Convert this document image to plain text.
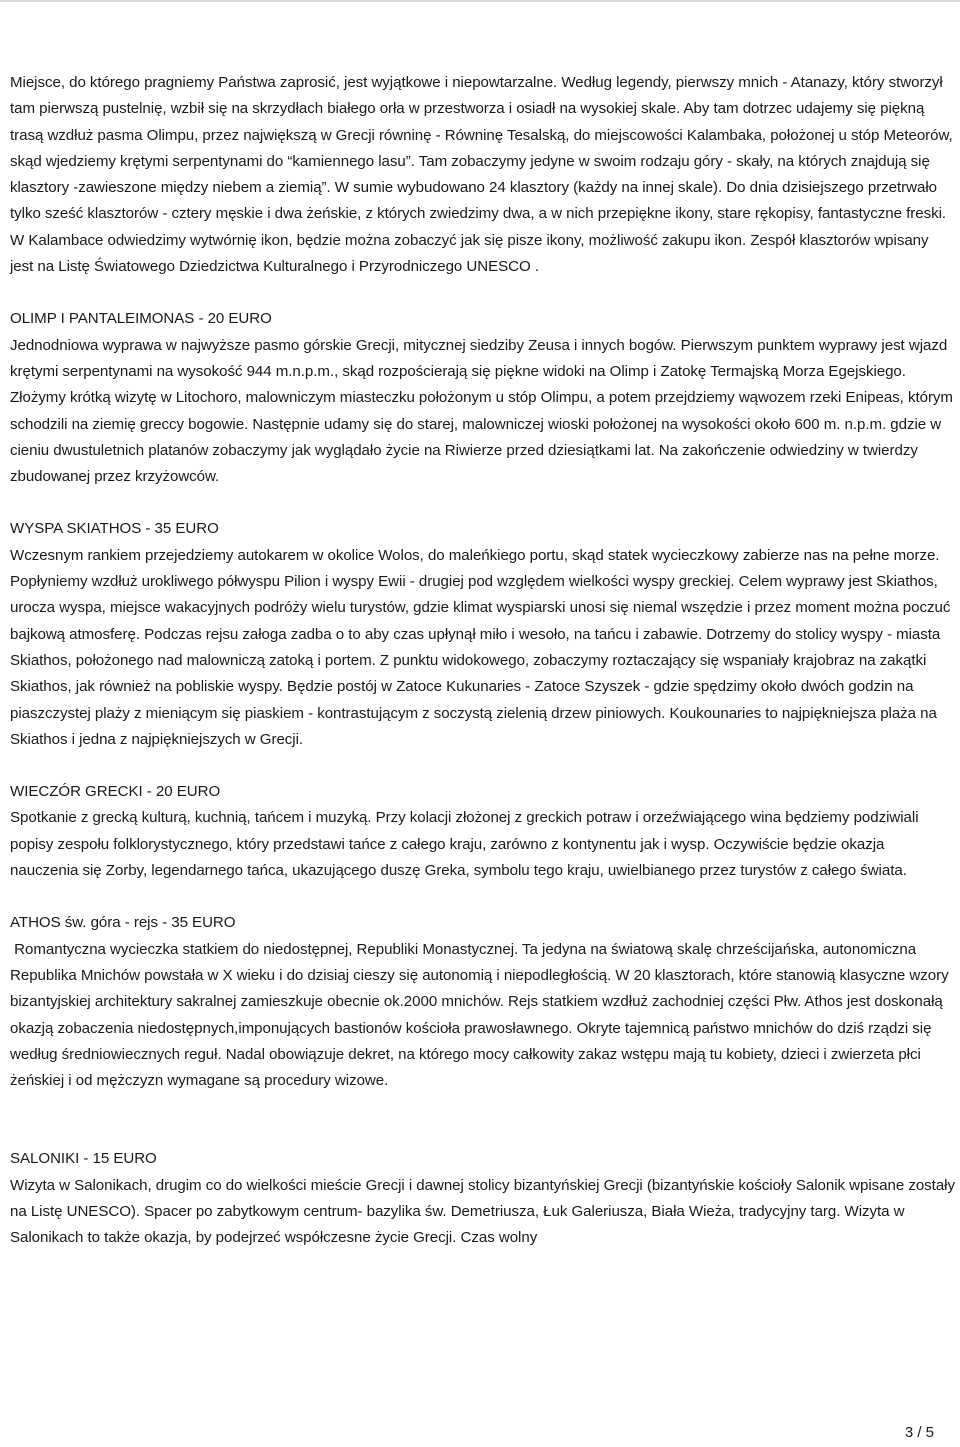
Miejsce, do którego pragniemy Państwa zaprosić, jest wyjątkowe i niepowtarzalne. Według legendy, pierwszy mnich - Atanazy, który stworzył tam pierwszą pustelnię, wzbił się na skrzydłach białego orła w przestworza i osiadł na wysokiej skale. Aby tam dotrzec udajemy się piękną trasą wzdłuż pasma Olimpu, przez największą w Grecji równinę - Równinę Tesalską, do miejscowości Kalambaka, położonej u stóp Meteorów, skąd wjedziemy krętymi serpentynami do “kamiennego lasu”. Tam zobaczymy jedyne w swoim rodzaju góry - skały, na których znajdują się klasztory -zawieszone między niebem a ziemią”. W sumie wybudowano 24 klasztory (każdy na innej skale). Do dnia dzisiejszego przetrwało tylko sześć klasztorów - cztery męskie i dwa żeńskie, z których zwiedzimy dwa, a w nich przepiękne ikony, stare rękopisy, fantastyczne freski. W Kalambace odwiedzimy wytwórnię ikon, będzie można zobaczyć jak się pisze ikony, możliwość zakupu ikon. Zespół klasztorów wpisany jest na Listę Światowego Dziedzictwa Kulturalnego i Przyrodniczego UNESCO .

OLIMP I PANTALEIMONAS - 20 EURO

Jednodniowa wyprawa w najwyższe pasmo górskie Grecji, mitycznej siedziby Zeusa i innych bogów. Pierwszym punktem wyprawy jest wjazd krętymi serpentynami na wysokość 944 m.n.p.m., skąd rozpościerają się piękne widoki na Olimp i Zatokę Termajską Morza Egejskiego. Złożymy krótką wizytę w Litochoro, malowniczym miasteczku położonym u stóp Olimpu, a potem przejdziemy wąwozem rzeki Enipeas, którym schodzili na ziemię greccy bogowie. Następnie udamy się do starej, malowniczej wioski położonej na wysokości około 600 m. n.p.m. gdzie w cieniu dwustuletnich platanów zobaczymy jak wyglądało życie na Riwierze przed dziesiątkami lat. Na zakończenie odwiedziny w twierdzy zbudowanej przez krzyżowców.

WYSPA SKIATHOS - 35 EURO

Wczesnym rankiem przejedziemy autokarem w okolice Wolos, do maleńkiego portu, skąd statek wycieczkowy zabierze nas na pełne morze. Popłyniemy wzdłuż urokliwego półwyspu Pilion i wyspy Ewii - drugiej pod względem wielkości wyspy greckiej. Celem wyprawy jest Skiathos, urocza wyspa, miejsce wakacyjnych podróży wielu turystów, gdzie klimat wyspiarski unosi się niemal wszędzie i przez moment można poczuć bajkową atmosferę. Podczas rejsu załoga zadba o to aby czas upłynął miło i wesoło, na tańcu i zabawie. Dotrzemy do stolicy wyspy - miasta Skiathos, położonego nad malowniczą zatoką i portem. Z punktu widokowego, zobaczymy roztaczający się wspaniały krajobraz na zakątki Skiathos, jak również na pobliskie wyspy. Będzie postój w Zatoce Kukunaries - Zatoce Szyszek - gdzie spędzimy około dwóch godzin na piaszczystej plaży z mieniącym się piaskiem - kontrastującym z soczystą zielenią drzew piniowych. Koukounaries to najpiękniejsza plaża na Skiathos i jedna z najpiękniejszych w Grecji.

WIECZÓR GRECKI - 20 EURO

Spotkanie z grecką kulturą, kuchnią, tańcem i muzyką. Przy kolacji złożonej z greckich potraw i orzeźwiającego wina będziemy podziwiali popisy zespołu folklorystycznego, który przedstawi tańce z całego kraju, zarówno z kontynentu jak i wysp. Oczywiście będzie okazja nauczenia się Zorby, legendarnego tańca, ukazującego duszę Greka, symbolu tego kraju, uwielbianego przez turystów z całego świata.

ATHOS św. góra - rejs - 35 EURO

Romantyczna wycieczka statkiem do niedostępnej, Republiki Monastycznej. Ta jedyna na światową skalę chrześcijańska, autonomiczna Republika Mnichów powstała w X wieku i do dzisiaj cieszy się autonomią i niepodległością. W 20 klasztorach, które stanowią klasyczne wzory bizantyjskiej architektury sakralnej zamieszkuje obecnie ok.2000 mnichów. Rejs statkiem wzdłuż zachodniej części Płw. Athos jest doskonałą okazją zobaczenia niedostępnych,imponujących bastionów kościoła prawosławnego. Okryte tajemnicą państwo mnichów do dziś rządzi się według średniowiecznych reguł. Nadal obowiązuje dekret, na którego mocy całkowity zakaz wstępu mają tu kobiety, dzieci i zwierzeta płci żeńskiej i od mężczyzn wymagane są procedury wizowe.

SALONIKI - 15 EURO

Wizyta w Salonikach, drugim co do wielkości mieście Grecji i dawnej stolicy bizantyńskiej Grecji (bizantyńskie kościoły Salonik wpisane zostały na Listę UNESCO). Spacer po zabytkowym centrum- bazylika św. Demetriusza, Łuk Galeriusza, Biała Wieża, tradycyjny targ. Wizyta w Salonikach to także okazja, by podejrzeć współczesne życie Grecji. Czas wolny

3 / 5
